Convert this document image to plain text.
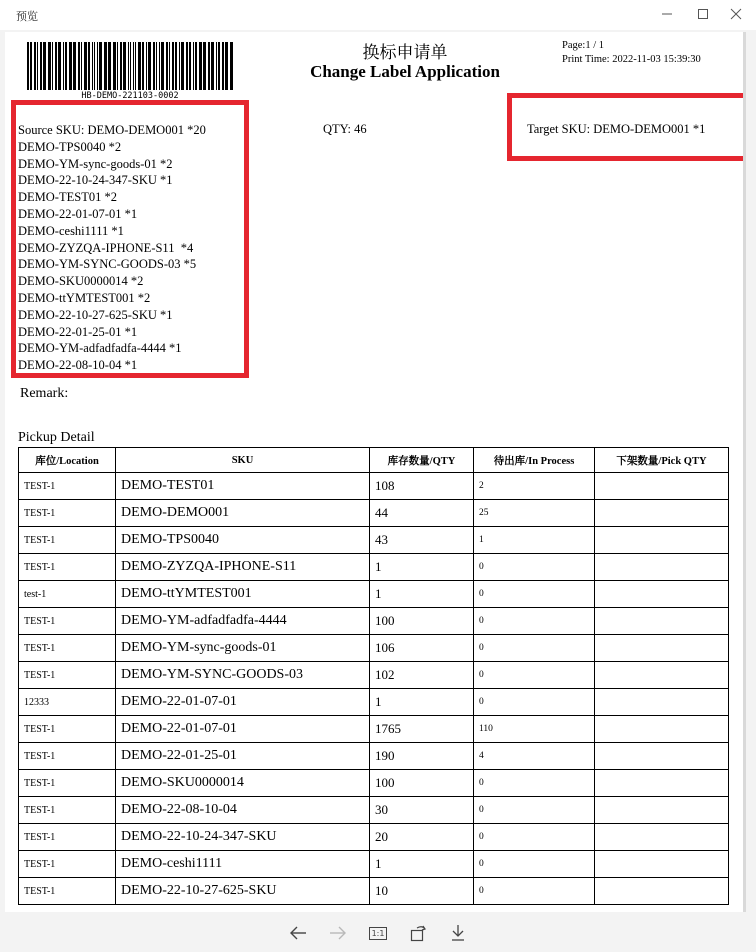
预览
HB-DEMO-221103-0002
换标申请单
Change Label Application
Page:1 / 1
Print Time: 2022-11-03 15:39:30
Source SKU: DEMO-DEMO001 *20
DEMO-TPS0040 *2
DEMO-YM-sync-goods-01 *2
DEMO-22-10-24-347-SKU *1
DEMO-TEST01 *2
DEMO-22-01-07-01 *1
DEMO-ceshi1111 *1
DEMO-ZYZQA-IPHONE-S11  *4
DEMO-YM-SYNC-GOODS-03 *5
DEMO-SKU0000014 *2
DEMO-ttYMTEST001 *2
DEMO-22-10-27-625-SKU *1
DEMO-22-01-25-01 *1
DEMO-YM-adfadfadfa-4444 *1
DEMO-22-08-10-04 *1
QTY: 46	Target SKU: DEMO-DEMO001 *1
Remark:
Pickup Detail
库位/Location	SKU	库存数量/QTY	待出库/In Process	下架数量/Pick QTY
TEST-1	DEMO-TEST01	108	2	
TEST-1	DEMO-DEMO001	44	25	
TEST-1	DEMO-TPS0040	43	1	
TEST-1	DEMO-ZYZQA-IPHONE-S11	1	0	
test-1	DEMO-ttYMTEST001	1	0	
TEST-1	DEMO-YM-adfadfadfa-4444	100	0	
TEST-1	DEMO-YM-sync-goods-01	106	0	
TEST-1	DEMO-YM-SYNC-GOODS-03	102	0	
12333	DEMO-22-01-07-01	1	0	
TEST-1	DEMO-22-01-07-01	1765	110	
TEST-1	DEMO-22-01-25-01	190	4	
TEST-1	DEMO-SKU0000014	100	0	
TEST-1	DEMO-22-08-10-04	30	0	
TEST-1	DEMO-22-10-24-347-SKU	20	0	
TEST-1	DEMO-ceshi1111	1	0	
TEST-1	DEMO-22-10-27-625-SKU	10	0	
1:1
